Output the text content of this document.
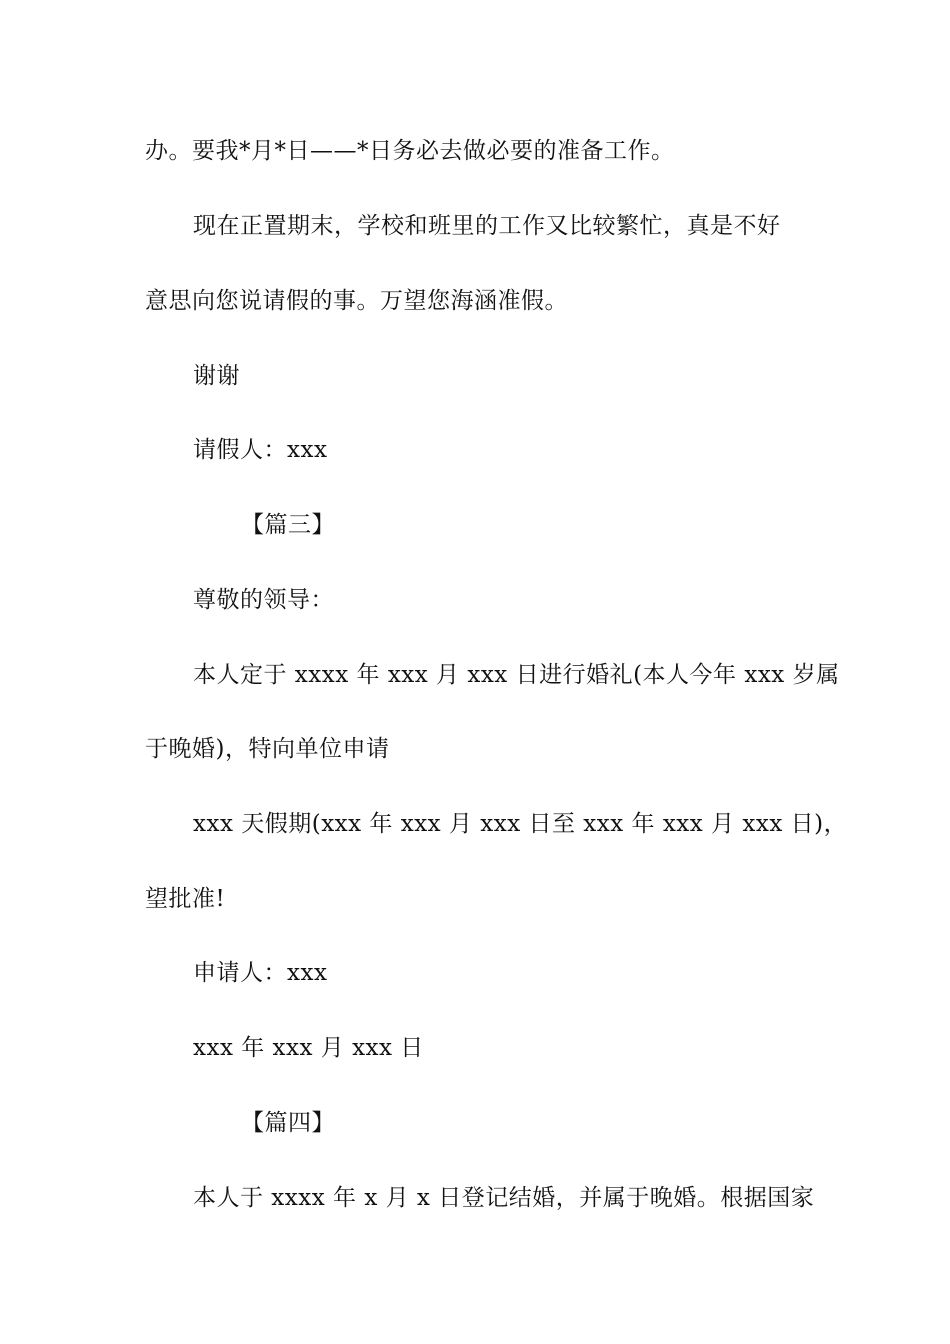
办。要我*月*日——*日务必去做必要的准备工作。
现在正置期末，学校和班里的工作又比较繁忙，真是不好
意思向您说请假的事。万望您海涵准假。
谢谢
请假人：xxx
【篇三】
尊敬的领导：
本人定于 xxxx 年 xxx 月 xxx 日进行婚礼(本人今年 xxx 岁属
于晚婚)，特向单位申请
xxx 天假期(xxx 年 xxx 月 xxx 日至 xxx 年 xxx 月 xxx 日)，
望批准!
申请人：xxx
xxx 年 xxx 月 xxx 日
【篇四】
本人于 xxxx 年 x 月 x 日登记结婚，并属于晚婚。根据国家
